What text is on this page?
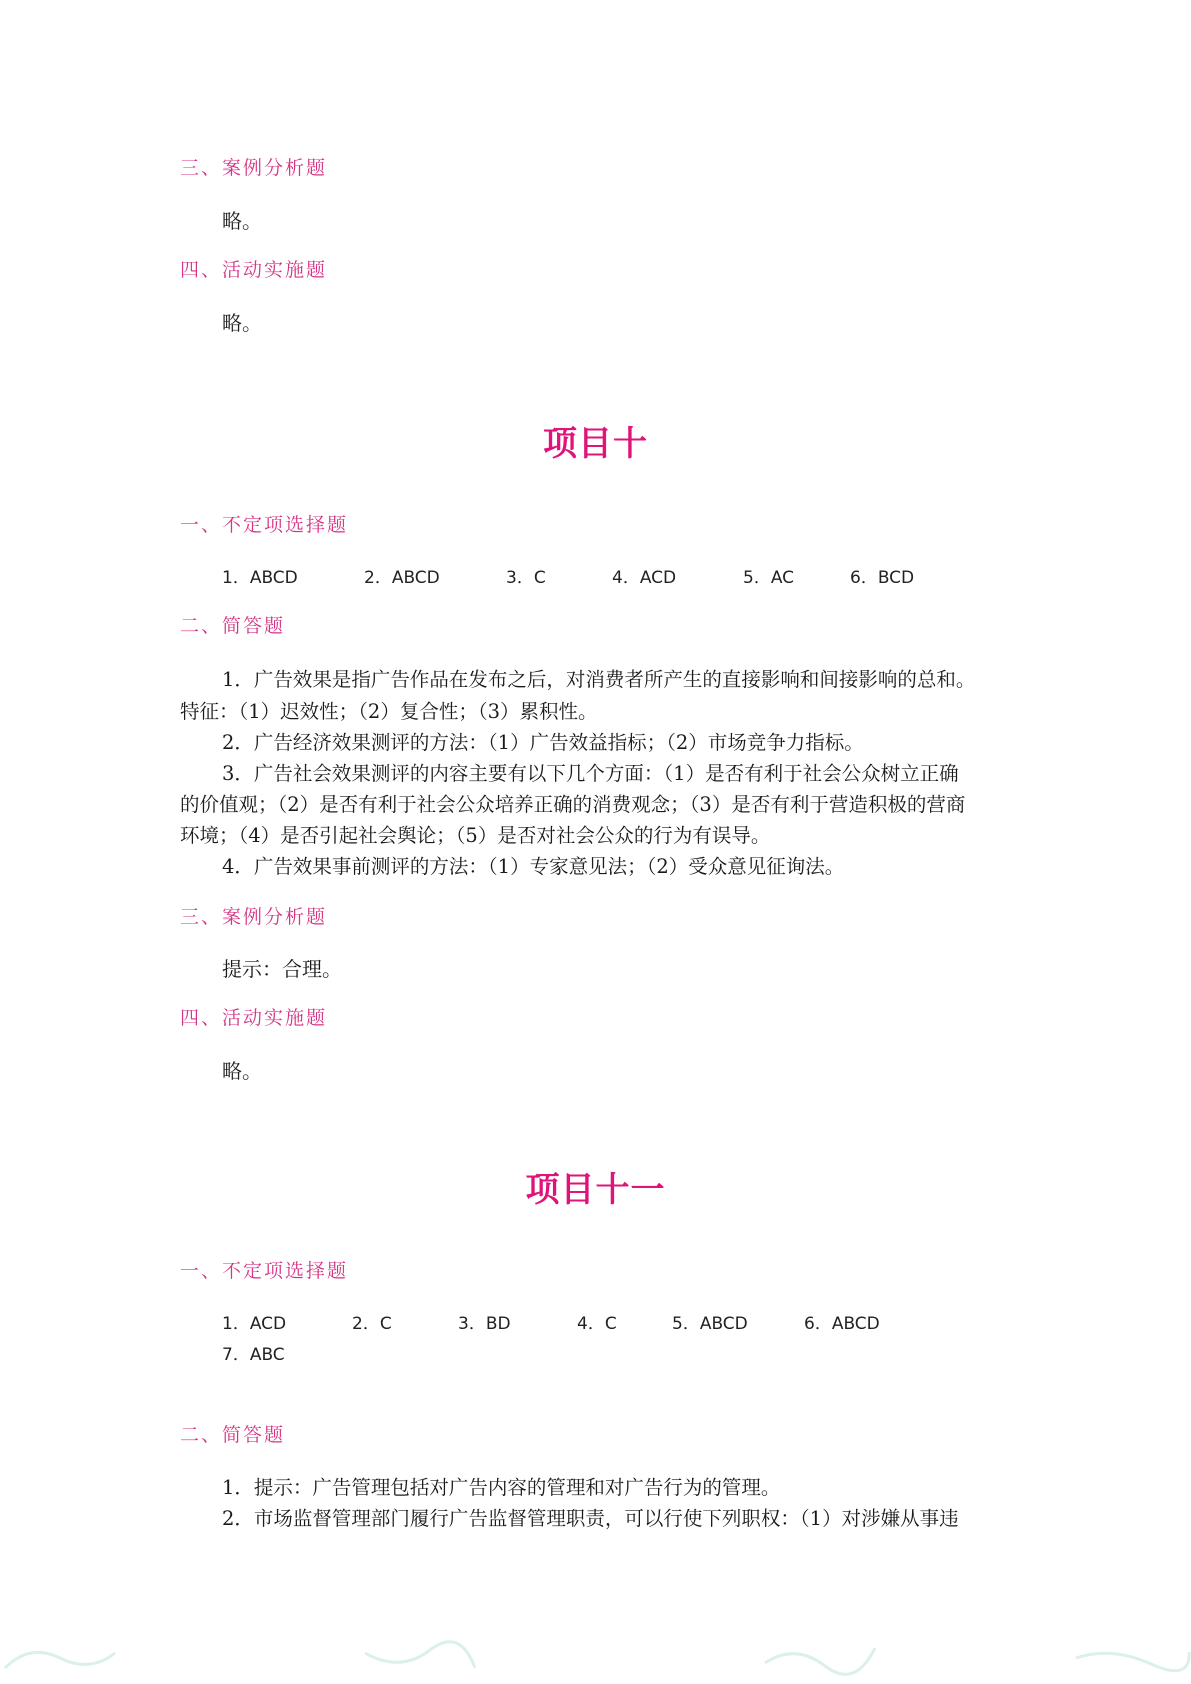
三、案例分析题
略。
四、活动实施题
略。
项目十
一、不定项选择题
1．ABCD	2．ABCD	3．C	4．ACD	5．AC	6．BCD
二、简答题
1．广告效果是指广告作品在发布之后，对消费者所产生的直接影响和间接影响的总和。
特征：（1）迟效性；（2）复合性；（3）累积性。
2．广告经济效果测评的方法：（1）广告效益指标；（2）市场竞争力指标。
3．广告社会效果测评的内容主要有以下几个方面：（1）是否有利于社会公众树立正确
的价值观；（2）是否有利于社会公众培养正确的消费观念；（3）是否有利于营造积极的营商
环境；（4）是否引起社会舆论；（5）是否对社会公众的行为有误导。
4．广告效果事前测评的方法：（1）专家意见法；（2）受众意见征询法。
三、案例分析题
提示：合理。
四、活动实施题
略。
项目十一
一、不定项选择题
1．ACD	2．C	3．BD	4．C	5．ABCD	6．ABCD
7．ABC
二、简答题
1．提示：广告管理包括对广告内容的管理和对广告行为的管理。
2．市场监督管理部门履行广告监督管理职责，可以行使下列职权：（1）对涉嫌从事违
